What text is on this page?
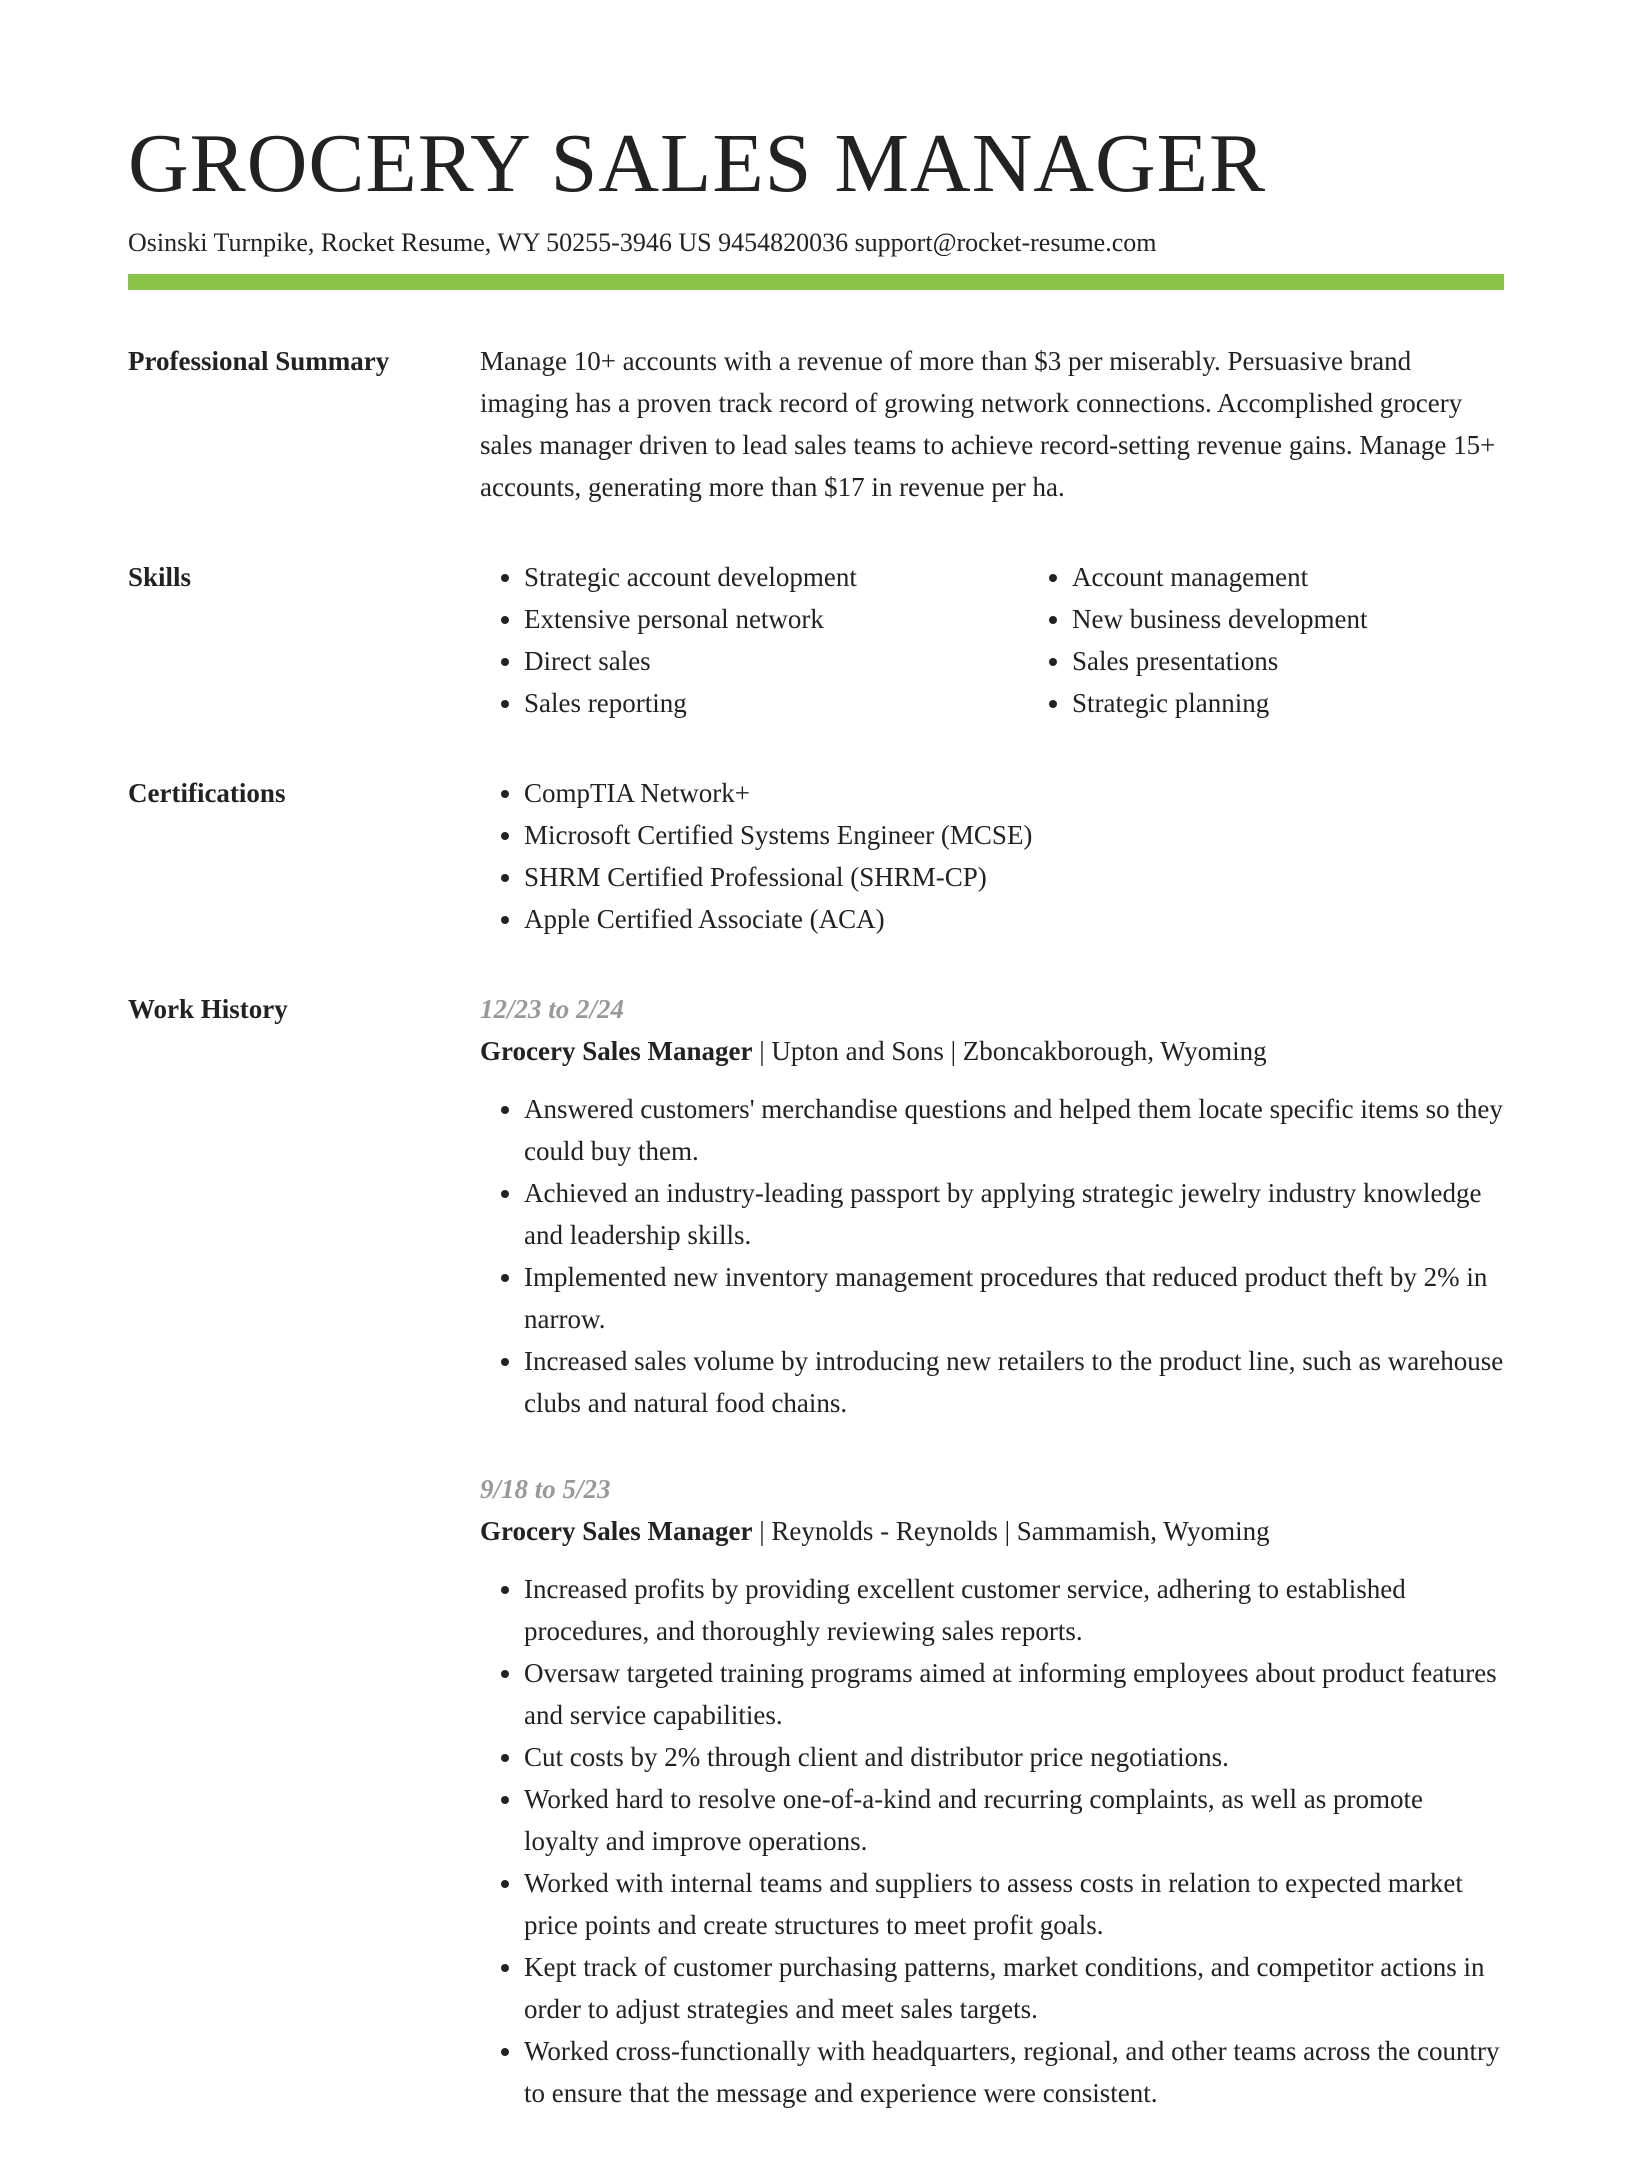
GROCERY SALES MANAGER
Osinski Turnpike, Rocket Resume, WY 50255-3946 US 9454820036 support@rocket-resume.com
Professional Summary	Manage 10+ accounts with a revenue of more than $3 per miserably. Persuasive brand imaging has a proven track record of growing network connections. Accomplished grocery sales manager driven to lead sales teams to achieve record-setting revenue gains. Manage 15+ accounts, generating more than $17 in revenue per ha.

Skills	• Strategic account development
• Extensive personal network
• Direct sales
• Sales reporting
• Account management
• New business development
• Sales presentations
• Strategic planning
Certifications	• CompTIA Network+
• Microsoft Certified Systems Engineer (MCSE)
• SHRM Certified Professional (SHRM-CP)
• Apple Certified Associate (ACA)
Work History	12/23 to 2/24
Grocery Sales Manager | Upton and Sons | Zboncakborough, Wyoming
• Answered customers' merchandise questions and helped them locate specific items so they could buy them.
• Achieved an industry-leading passport by applying strategic jewelry industry knowledge and leadership skills.
• Implemented new inventory management procedures that reduced product theft by 2% in narrow.
• Increased sales volume by introducing new retailers to the product line, such as warehouse clubs and natural food chains.
9/18 to 5/23
Grocery Sales Manager | Reynolds - Reynolds | Sammamish, Wyoming
• Increased profits by providing excellent customer service, adhering to established procedures, and thoroughly reviewing sales reports.
• Oversaw targeted training programs aimed at informing employees about product features and service capabilities.
• Cut costs by 2% through client and distributor price negotiations.
• Worked hard to resolve one-of-a-kind and recurring complaints, as well as promote loyalty and improve operations.
• Worked with internal teams and suppliers to assess costs in relation to expected market price points and create structures to meet profit goals.
• Kept track of customer purchasing patterns, market conditions, and competitor actions in order to adjust strategies and meet sales targets.
• Worked cross-functionally with headquarters, regional, and other teams across the country to ensure that the message and experience were consistent.
